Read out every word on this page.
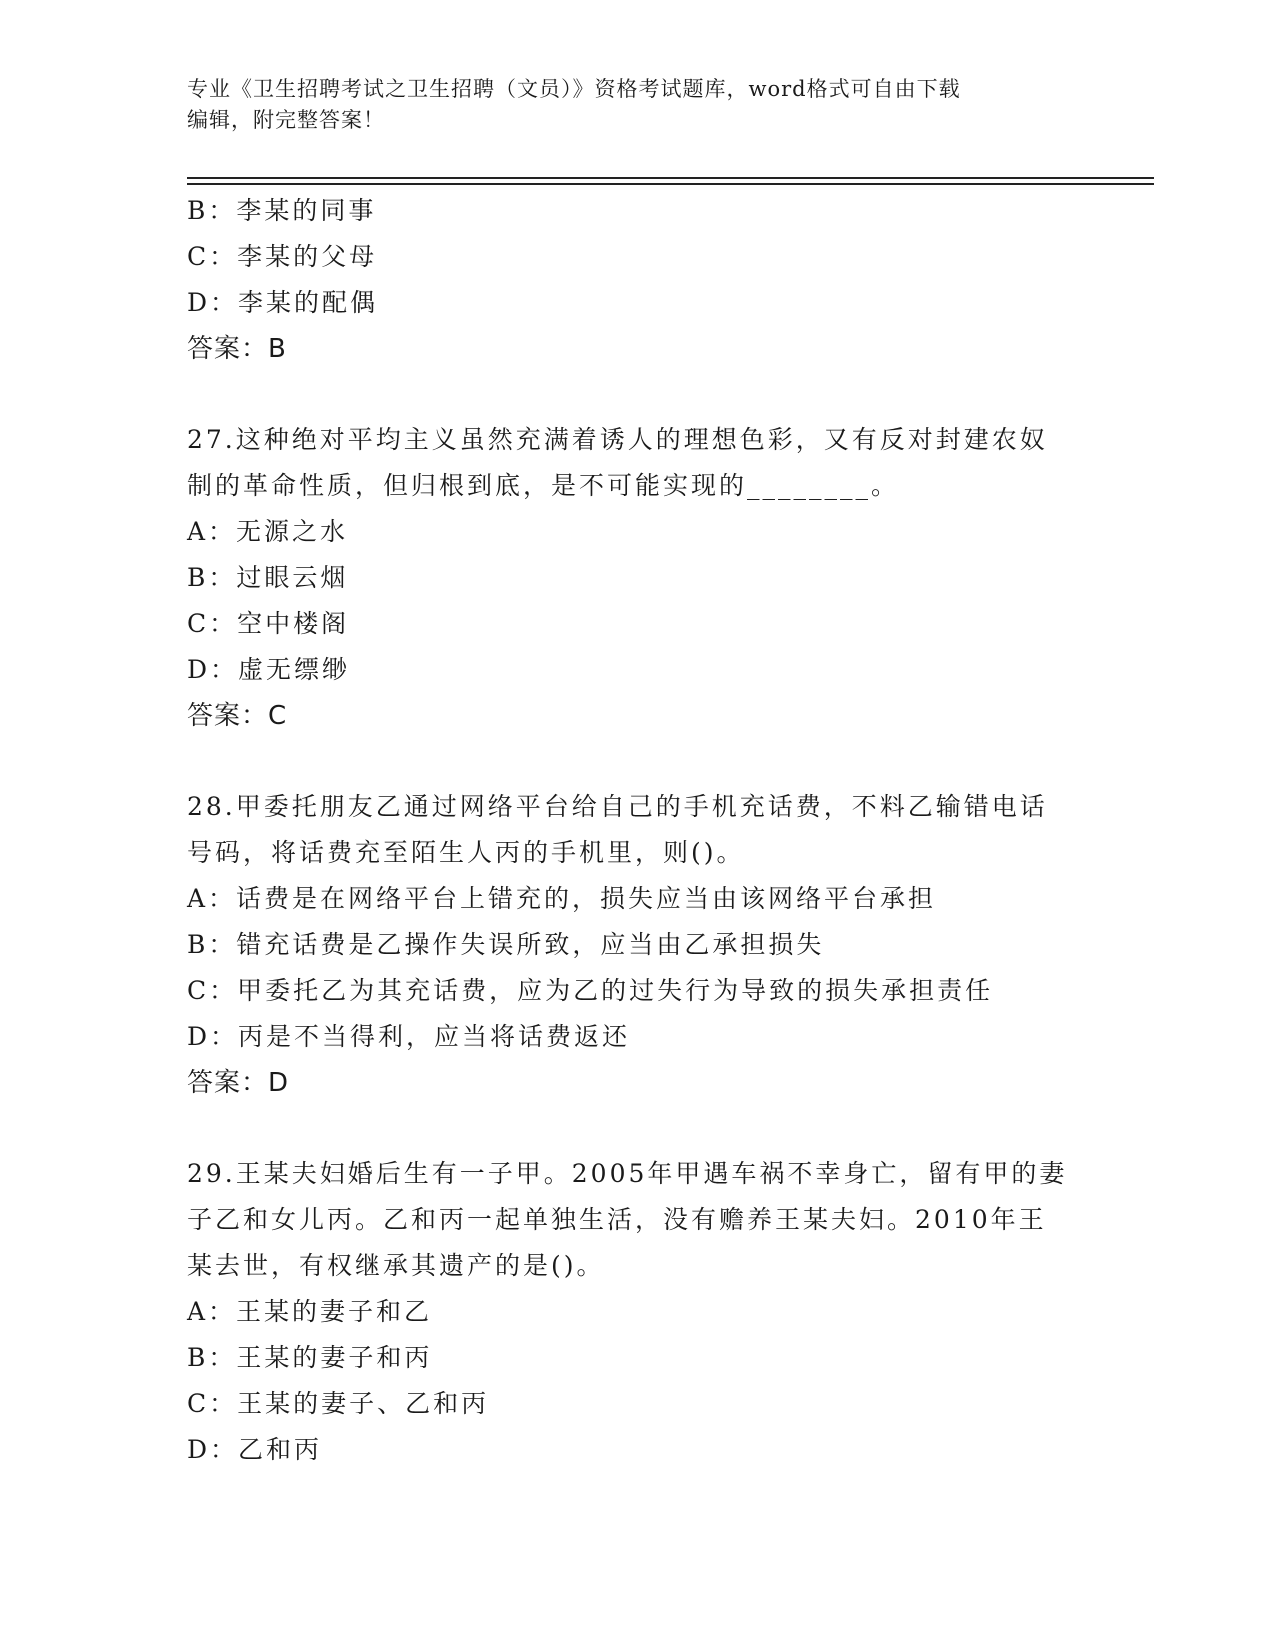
专业《卫生招聘考试之卫生招聘（文员）》资格考试题库，word格式可自由下载
编辑，附完整答案！
B：李某的同事
C：李某的父母
D：李某的配偶
答案：B
27.这种绝对平均主义虽然充满着诱人的理想色彩，又有反对封建农奴
制的革命性质，但归根到底，是不可能实现的________。
A：无源之水
B：过眼云烟
C：空中楼阁
D：虚无缥缈
答案：C
28.甲委托朋友乙通过网络平台给自己的手机充话费，不料乙输错电话
号码，将话费充至陌生人丙的手机里，则()。
A：话费是在网络平台上错充的，损失应当由该网络平台承担
B：错充话费是乙操作失误所致，应当由乙承担损失
C：甲委托乙为其充话费，应为乙的过失行为导致的损失承担责任
D：丙是不当得利，应当将话费返还
答案：D
29.王某夫妇婚后生有一子甲。2005年甲遇车祸不幸身亡，留有甲的妻
子乙和女儿丙。乙和丙一起单独生活，没有赡养王某夫妇。2010年王
某去世，有权继承其遗产的是()。
A：王某的妻子和乙
B：王某的妻子和丙
C：王某的妻子、乙和丙
D：乙和丙
